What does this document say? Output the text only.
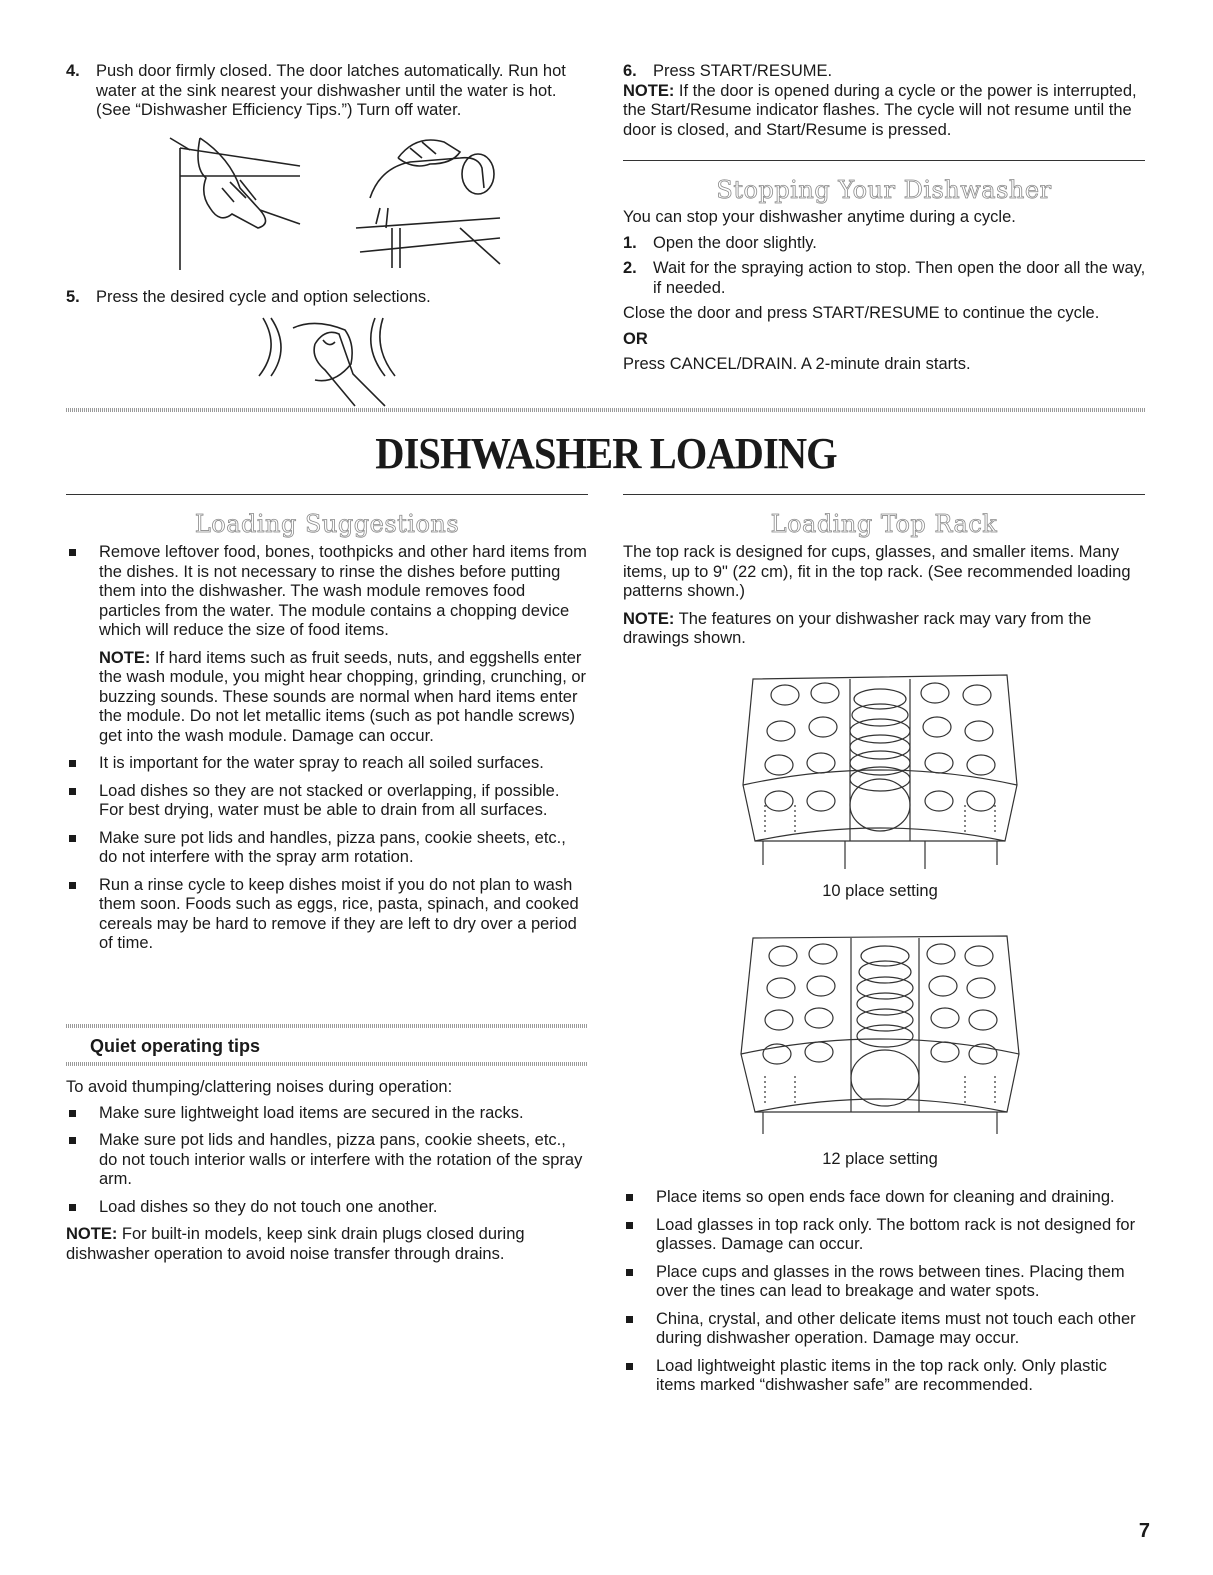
4. Push door firmly closed. The door latches automatically. Run hot water at the sink nearest your dishwasher until the water is hot. (See “Dishwasher Efficiency Tips.”) Turn off water.
5. Press the desired cycle and option selections.
6. Press START/RESUME.

NOTE: If the door is opened during a cycle or the power is interrupted, the Start/Resume indicator flashes. The cycle will not resume until the door is closed, and Start/Resume is pressed.

Stopping Your Dishwasher

You can stop your dishwasher anytime during a cycle.

1. Open the door slightly.
2. Wait for the spraying action to stop. Then open the door all the way, if needed.

Close the door and press START/RESUME to continue the cycle.

OR

Press CANCEL/DRAIN. A 2-minute drain starts.

DISHWASHER LOADING
Loading Suggestions

Remove leftover food, bones, toothpicks and other hard items from the dishes. It is not necessary to rinse the dishes before putting them into the dishwasher. The wash module removes food particles from the water. The module contains a chopping device which will reduce the size of food items.

NOTE: If hard items such as fruit seeds, nuts, and eggshells enter the wash module, you might hear chopping, grinding, crunching, or buzzing sounds. These sounds are normal when hard items enter the module. Do not let metallic items (such as pot handle screws) get into the wash module. Damage can occur.

It is important for the water spray to reach all soiled surfaces.

Load dishes so they are not stacked or overlapping, if possible. For best drying, water must be able to drain from all surfaces.

Make sure pot lids and handles, pizza pans, cookie sheets, etc., do not interfere with the spray arm rotation.

Run a rinse cycle to keep dishes moist if you do not plan to wash them soon. Foods such as eggs, rice, pasta, spinach, and cooked cereals may be hard to remove if they are left to dry over a period of time.

Quiet operating tips

To avoid thumping/clattering noises during operation:

Make sure lightweight load items are secured in the racks.

Make sure pot lids and handles, pizza pans, cookie sheets, etc., do not touch interior walls or interfere with the rotation of the spray arm.

Load dishes so they do not touch one another.

NOTE: For built-in models, keep sink drain plugs closed during dishwasher operation to avoid noise transfer through drains.

Loading Top Rack

The top rack is designed for cups, glasses, and smaller items. Many items, up to 9" (22 cm), fit in the top rack. (See recommended loading patterns shown.)

NOTE: The features on your dishwasher rack may vary from the drawings shown.

10 place setting
12 place setting

Place items so open ends face down for cleaning and draining.

Load glasses in top rack only. The bottom rack is not designed for glasses. Damage can occur.

Place cups and glasses in the rows between tines. Placing them over the tines can lead to breakage and water spots.

China, crystal, and other delicate items must not touch each other during dishwasher operation. Damage may occur.

Load lightweight plastic items in the top rack only. Only plastic items marked “dishwasher safe” are recommended.

7
